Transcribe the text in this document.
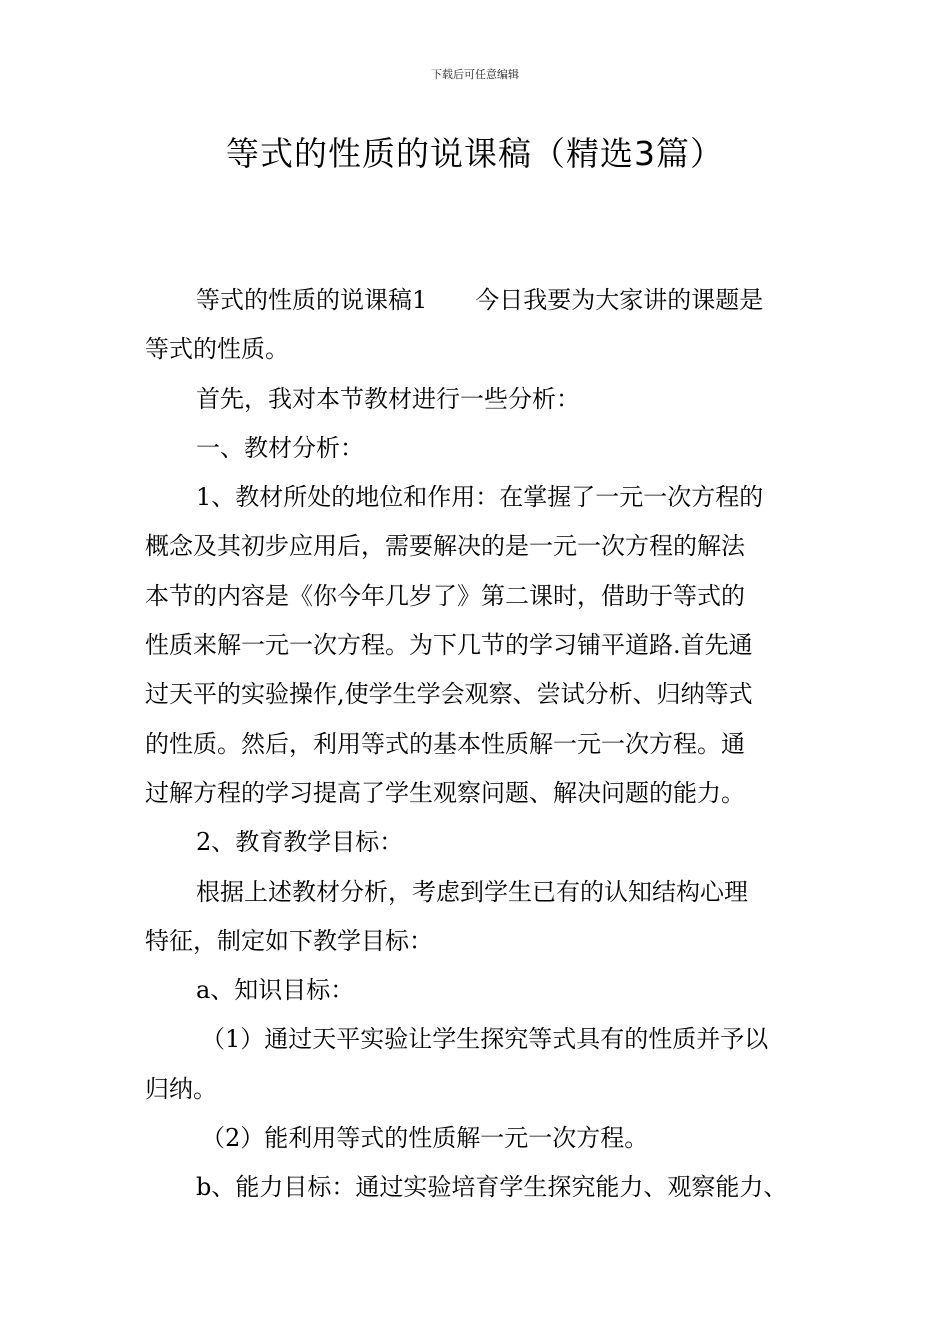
下载后可任意编辑
等式的性质的说课稿（精选3篇）

等式的性质的说课稿1　　今日我要为大家讲的课题是

等式的性质。

首先，我对本节教材进行一些分析：

一、教材分析：

1、教材所处的地位和作用：在掌握了一元一次方程的

概念及其初步应用后，需要解决的是一元一次方程的解法

本节的内容是《你今年几岁了》第二课时，借助于等式的

性质来解一元一次方程。为下几节的学习铺平道路.首先通

过天平的实验操作,使学生学会观察、尝试分析、归纳等式

的性质。然后，利用等式的基本性质解一元一次方程。通

过解方程的学习提高了学生观察问题、解决问题的能力。

2、教育教学目标：

根据上述教材分析，考虑到学生已有的认知结构心理

特征，制定如下教学目标：

a、知识目标：

（1）通过天平实验让学生探究等式具有的性质并予以

归纳。

（2）能利用等式的性质解一元一次方程。

b、能力目标：通过实验培育学生探究能力、观察能力、
